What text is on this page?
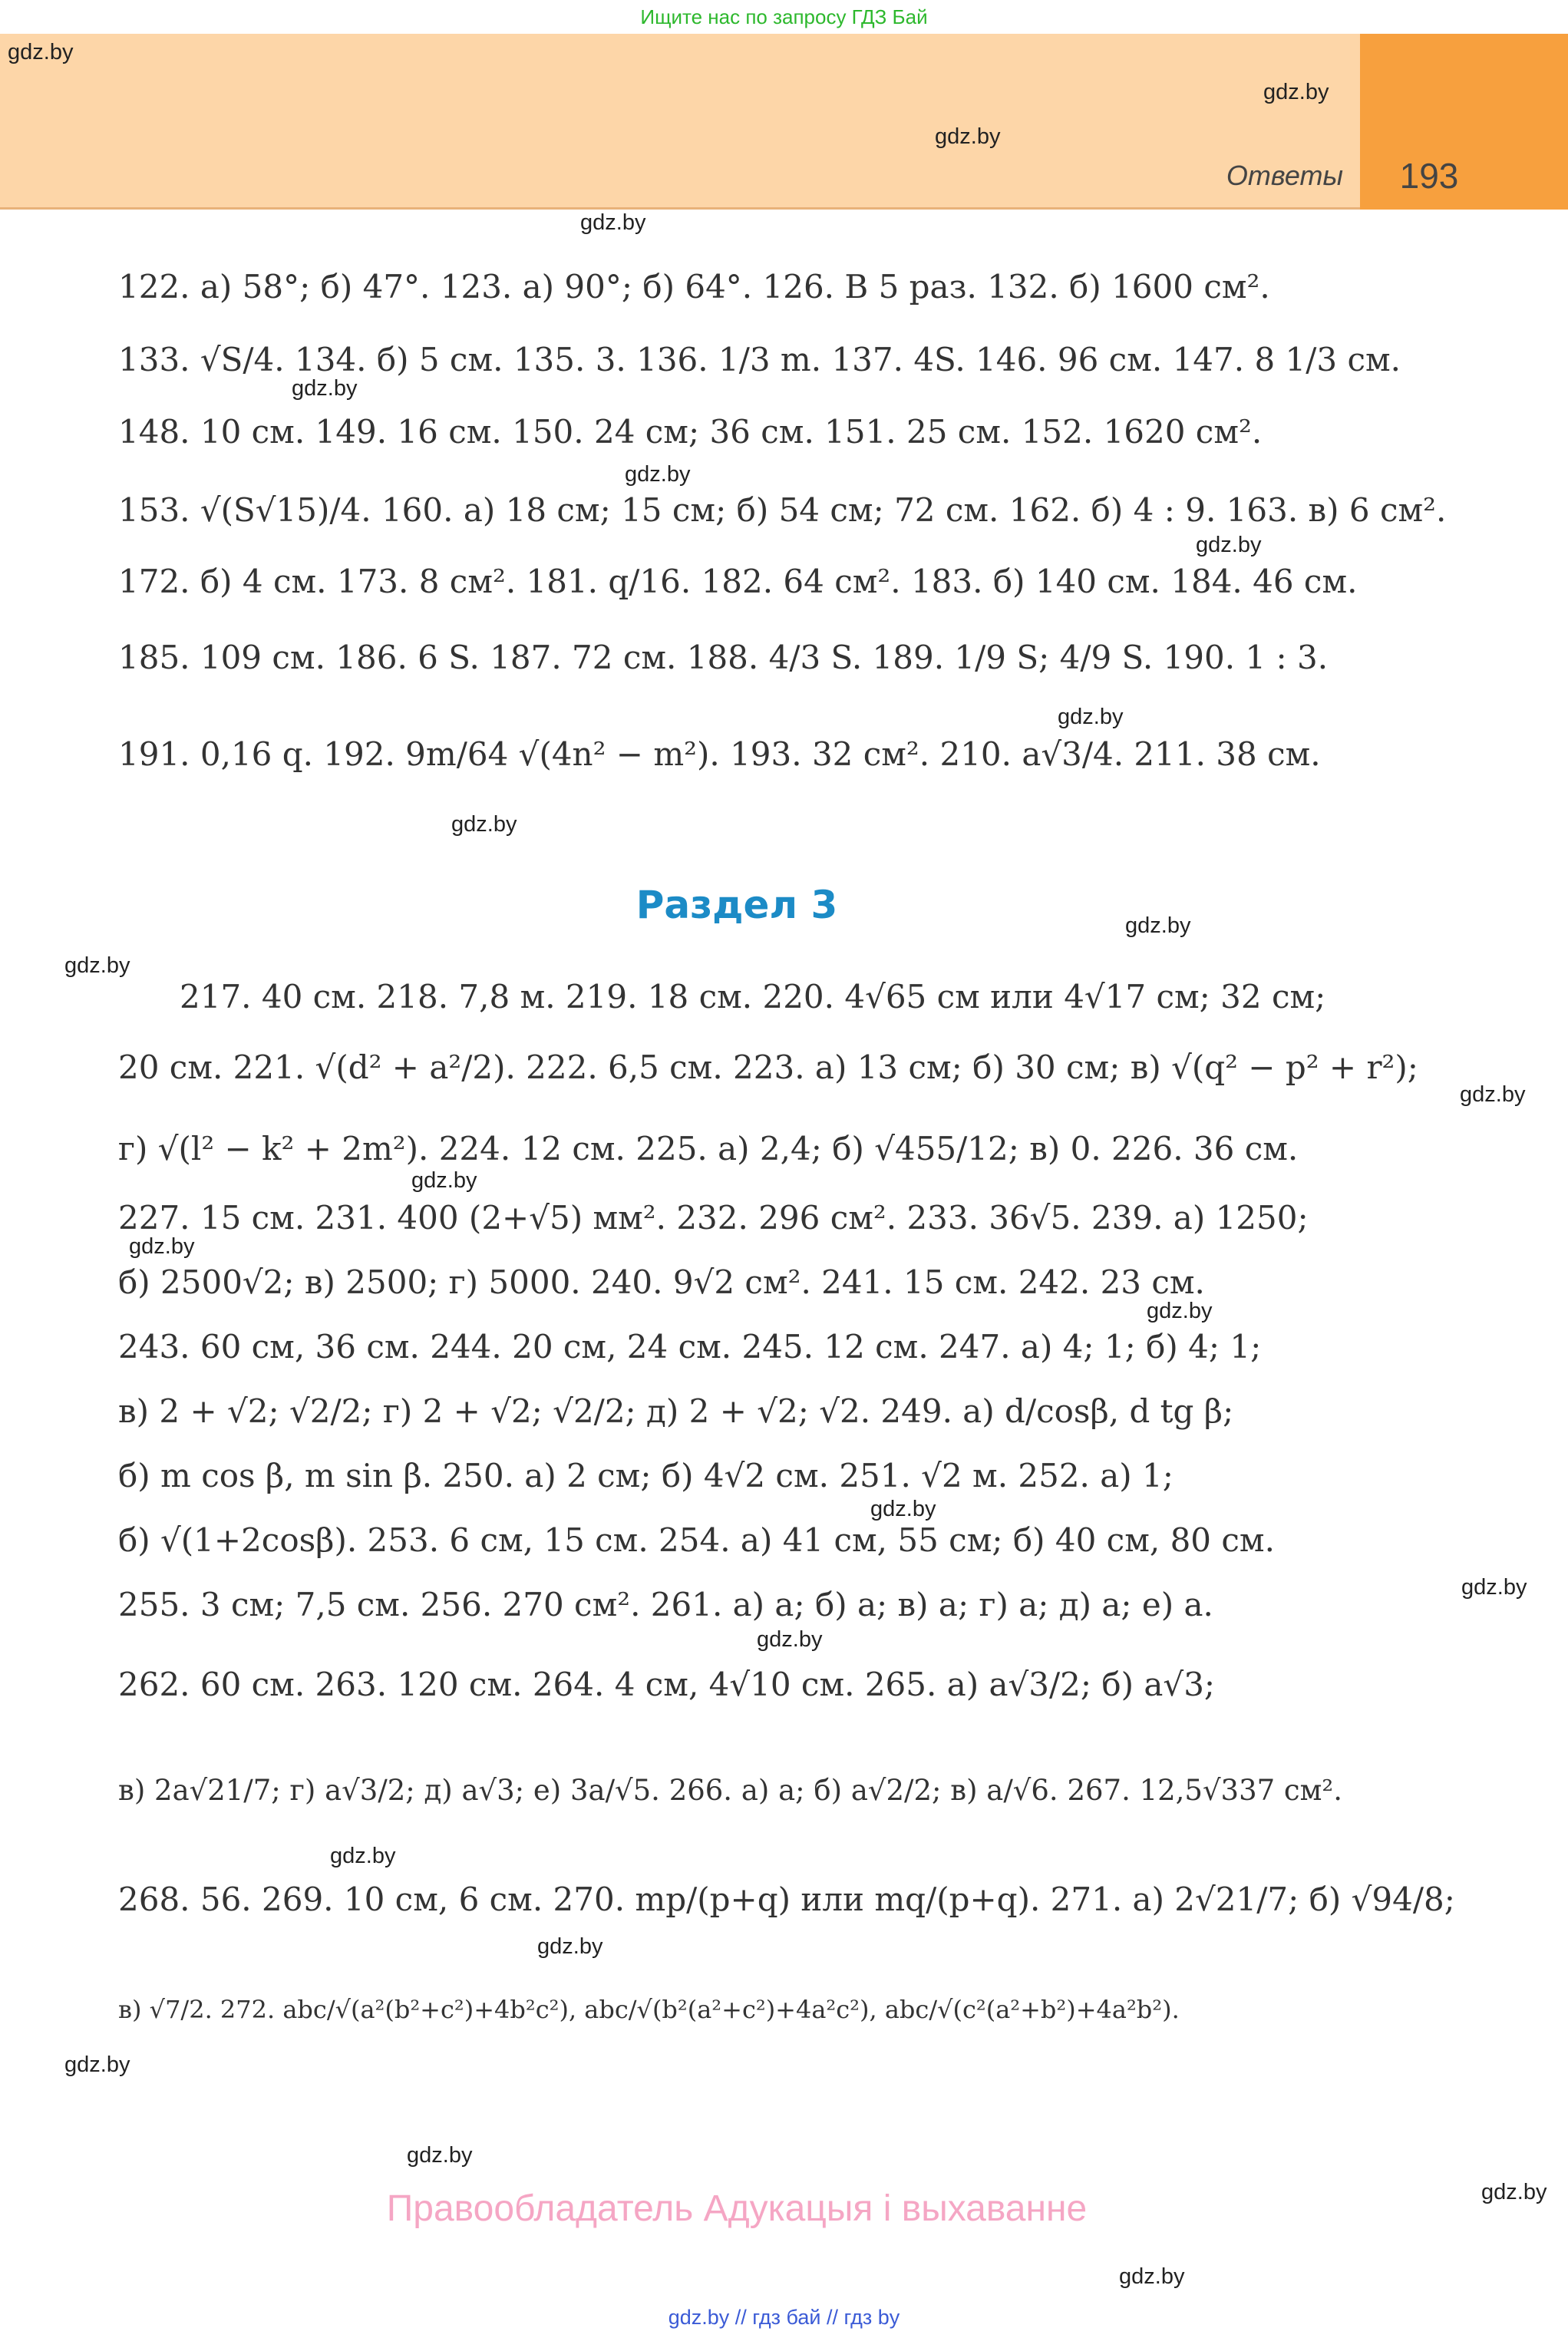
Ищите нас по запросу ГДЗ Бай
Ответы	193
gdz.by
gdz.by
gdz.by
gdz.by
gdz.by
gdz.by
gdz.by
gdz.by
gdz.by
gdz.by
gdz.by
gdz.by
gdz.by
gdz.by
gdz.by
gdz.by
gdz.by
gdz.by
gdz.by
gdz.by
gdz.by
gdz.by
gdz.by
gdz.by
122. а) 58°; б) 47°. 123. а) 90°; б) 64°. 126. В 5 раз. 132. б) 1600 см².
133. √S/4. 134. б) 5 см. 135. 3. 136. 1/3 m. 137. 4S. 146. 96 см. 147. 8 1/3 см.
148. 10 см. 149. 16 см. 150. 24 см; 36 см. 151. 25 см. 152. 1620 см².
153. √(S√15)/4. 160. а) 18 см; 15 см; б) 54 см; 72 см. 162. б) 4 : 9. 163. в) 6 см².
172. б) 4 см. 173. 8 см². 181. q/16. 182. 64 см². 183. б) 140 см. 184. 46 см.
185. 109 см. 186. 6 S. 187. 72 см. 188. 4/3 S. 189. 1/9 S; 4/9 S. 190. 1 : 3.
191. 0,16 q. 192. 9m/64 √(4n² − m²). 193. 32 см². 210. a√3/4. 211. 38 см.
Раздел 3
217. 40 см. 218. 7,8 м. 219. 18 см. 220. 4√65 см или 4√17 см; 32 см;
20 см. 221. √(d² + a²/2). 222. 6,5 см. 223. а) 13 см; б) 30 см; в) √(q² − p² + r²);
г) √(l² − k² + 2m²). 224. 12 см. 225. а) 2,4; б) √455/12; в) 0. 226. 36 см.
227. 15 см. 231. 400 (2+√5) мм². 232. 296 см². 233. 36√5. 239. а) 1250;
б) 2500√2; в) 2500; г) 5000. 240. 9√2 см². 241. 15 см. 242. 23 см.
243. 60 см, 36 см. 244. 20 см, 24 см. 245. 12 см. 247. а) 4; 1; б) 4; 1;
в) 2 + √2; √2/2; г) 2 + √2; √2/2; д) 2 + √2; √2. 249. а) d/cosβ, d tg β;
б) m cos β, m sin β. 250. а) 2 см; б) 4√2 см. 251. √2 м. 252. а) 1;
б) √(1+2cosβ). 253. 6 см, 15 см. 254. а) 41 см, 55 см; б) 40 см, 80 см.
255. 3 см; 7,5 см. 256. 270 см². 261. а) a; б) a; в) a; г) a; д) a; е) a.
262. 60 см. 263. 120 см. 264. 4 см, 4√10 см. 265. а) a√3/2; б) a√3;
в) 2a√21/7; г) a√3/2; д) a√3; е) 3a/√5. 266. а) a; б) a√2/2; в) a/√6. 267. 12,5√337 см².
268. 56. 269. 10 см, 6 см. 270. mp/(p+q) или mq/(p+q). 271. а) 2√21/7; б) √94/8;
в) √7/2. 272. abc/√(a²(b²+c²)+4b²c²), abc/√(b²(a²+c²)+4a²c²), abc/√(c²(a²+b²)+4a²b²).
Правообладатель Адукацыя і выхаванне
gdz.by // гдз бай // гдз by
